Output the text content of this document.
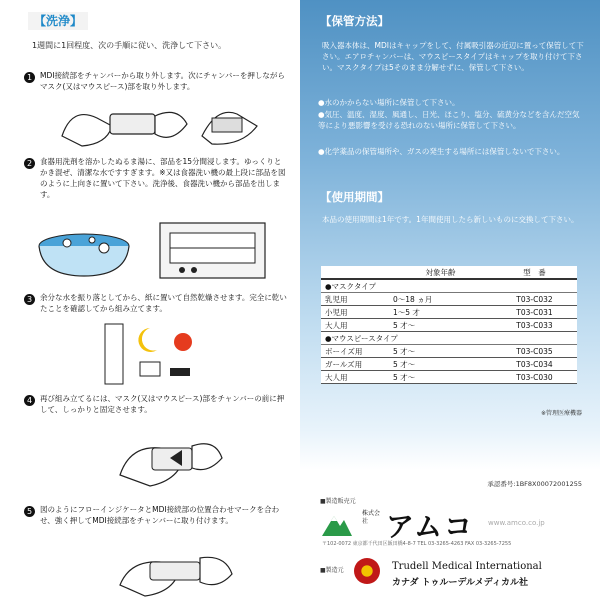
【洗浄】
1週間に1回程度、次の手順に従い、洗浄して下さい。
1	MDI接続部をチャンバーから取り外します。次にチャンバーを押しながらマスク(又はマウスピース)部を取り外します。
2	食器用洗剤を溶かしたぬるま湯に、部品を15分間浸します。ゆっくりとかき混ぜ、清潔な水ですすぎます。※又は食器洗い機の最上段に部品を図のように上向きに置いて下さい。洗浄後、食器洗い機から部品を出します。
3	余分な水を振り落としてから、紙に置いて自然乾燥させます。完全に乾いたことを確認してから組み立てます。
4	再び組み立てるには、マスク(又はマウスピース)部をチャンバーの前に押して、しっかりと固定させます。
5	図のようにフローインジケータとMDI接続部の位置合わせマークを合わせ、強く押してMDI接続部をチャンバーに取り付けます。
【保管方法】
吸入器本体は、MDIはキャップをして、付属吸引器の近辺に置って保管して下さい。エアロチャンバーは、マウスピースタイプはキャップを取り付けて下さい。マスクタイプは5そのまま分解せずに、保管して下さい。
●水のかからない場所に保管して下さい。
●気圧、温度、湿度、風通し、日光、ほこり、塩分、硫黄分などを含んだ空気等により悪影響を受ける恐れのない場所に保管して下さい。
●化学薬品の保管場所や、ガスの発生する場所には保管しないで下さい。
【使用期間】
本品の使用期間は1年です。1年間使用したら新しいものに交換して下さい。
	対象年齢	型　番
●マスクタイプ		
乳児用	0〜18 ヵ月	T03-C032
小児用	1〜5 才	T03-C031
大人用	5 才〜	T03-C033
●マウスピースタイプ		
ボーイズ用	5 才〜	T03-C035
ガールズ用	5 才〜	T03-C034
大人用	5 才〜	T03-C030
※管理医療機器
承認番号:1BF8X00072001255
■製造販売元
株式会社 アムコ www.amco.co.jp
〒102-0072 東京都千代田区飯田橋4-8-7 TEL 03-3265-4263 FAX 03-3265-7255
■製造元	Trudell Medical International
カナダ トゥルーデルメディカル社
